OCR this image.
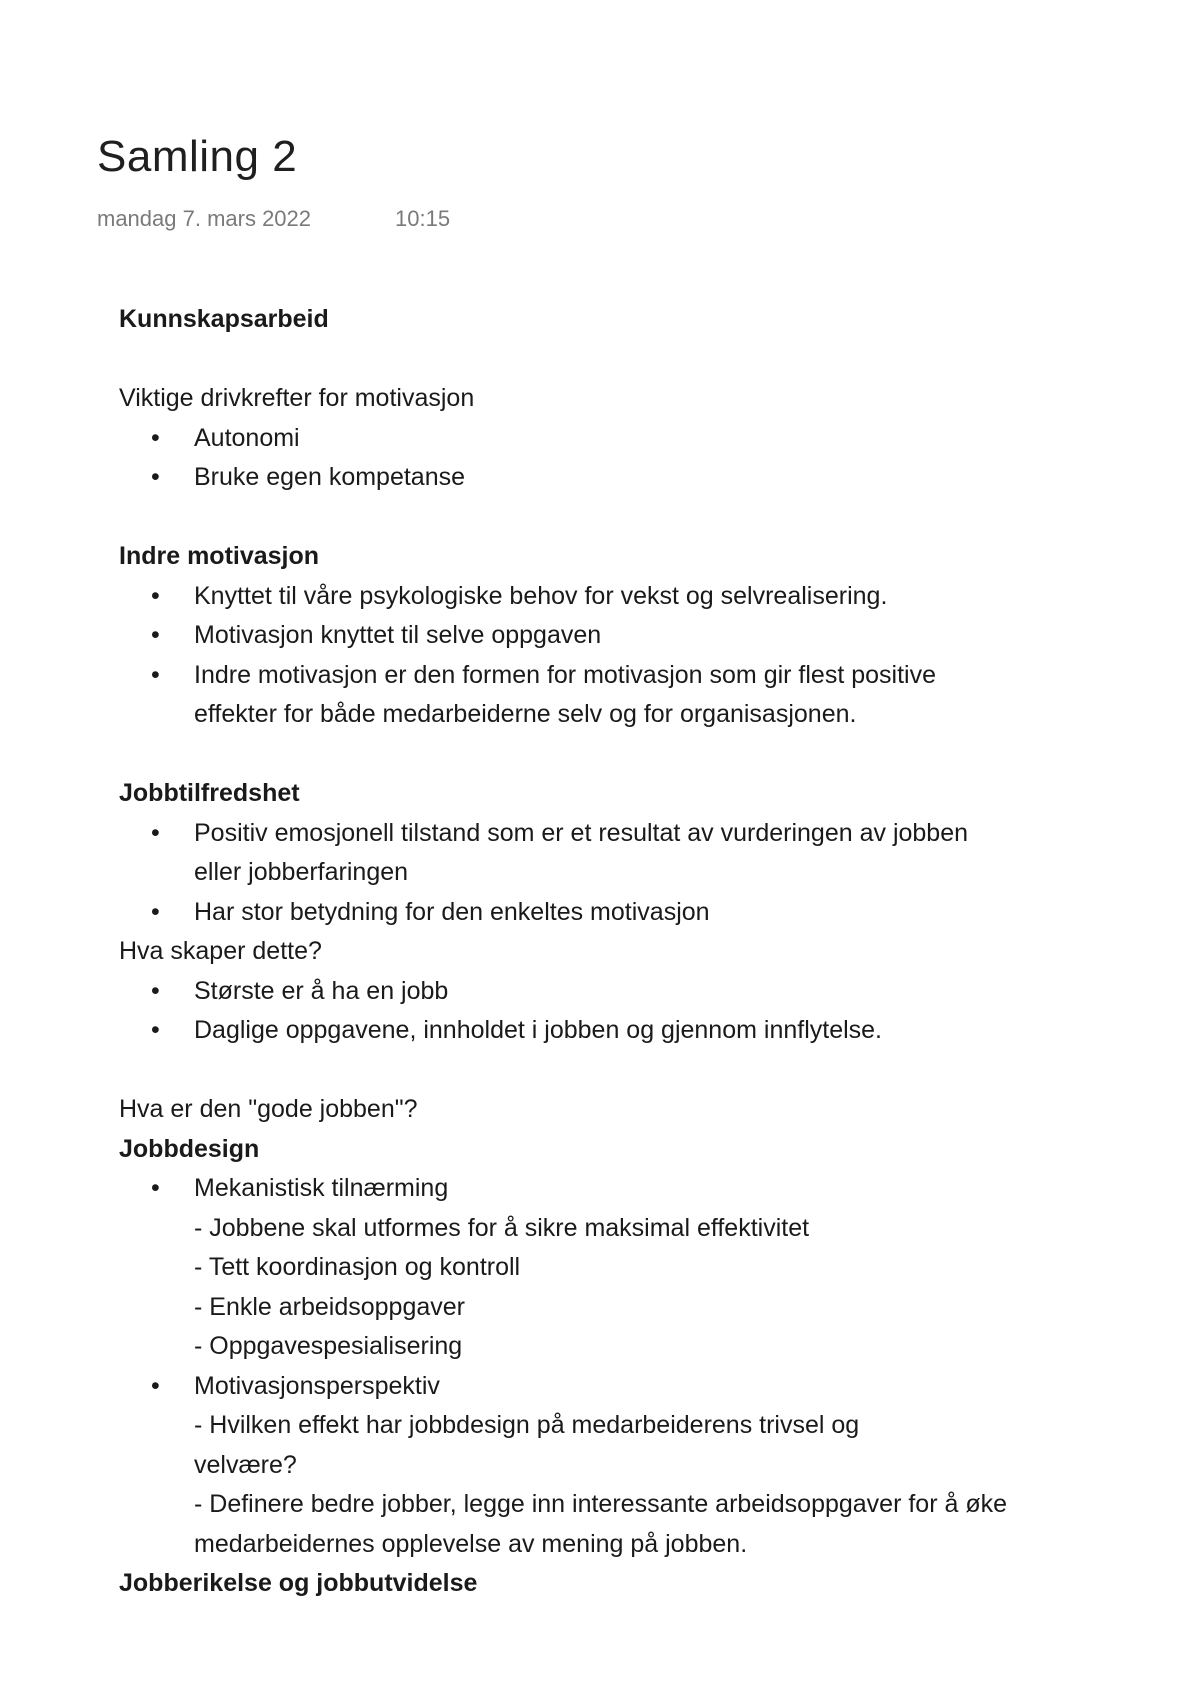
Samling 2
mandag 7. mars 2022	10:15
Kunnskapsarbeid
Viktige drivkrefter for motivasjon
• Autonomi
• Bruke egen kompetanse
Indre motivasjon
• Knyttet til våre psykologiske behov for vekst og selvrealisering.
• Motivasjon knyttet til selve oppgaven
• Indre motivasjon er den formen for motivasjon som gir flest positive effekter for både medarbeiderne selv og for organisasjonen.
Jobbtilfredshet
• Positiv emosjonell tilstand som er et resultat av vurderingen av jobben eller jobberfaringen
• Har stor betydning for den enkeltes motivasjon
Hva skaper dette?
• Største er å ha en jobb
• Daglige oppgavene, innholdet i jobben og gjennom innflytelse.
Hva er den "gode jobben"?
Jobbdesign
• Mekanistisk tilnærming
- Jobbene skal utformes for å sikre maksimal effektivitet
- Tett koordinasjon og kontroll
- Enkle arbeidsoppgaver
- Oppgavespesialisering
• Motivasjonsperspektiv
- Hvilken effekt har jobbdesign på medarbeiderens trivsel og velvære?
- Definere bedre jobber, legge inn interessante arbeidsoppgaver for å øke medarbeidernes opplevelse av mening på jobben.
Jobberikelse og jobbutvidelse
